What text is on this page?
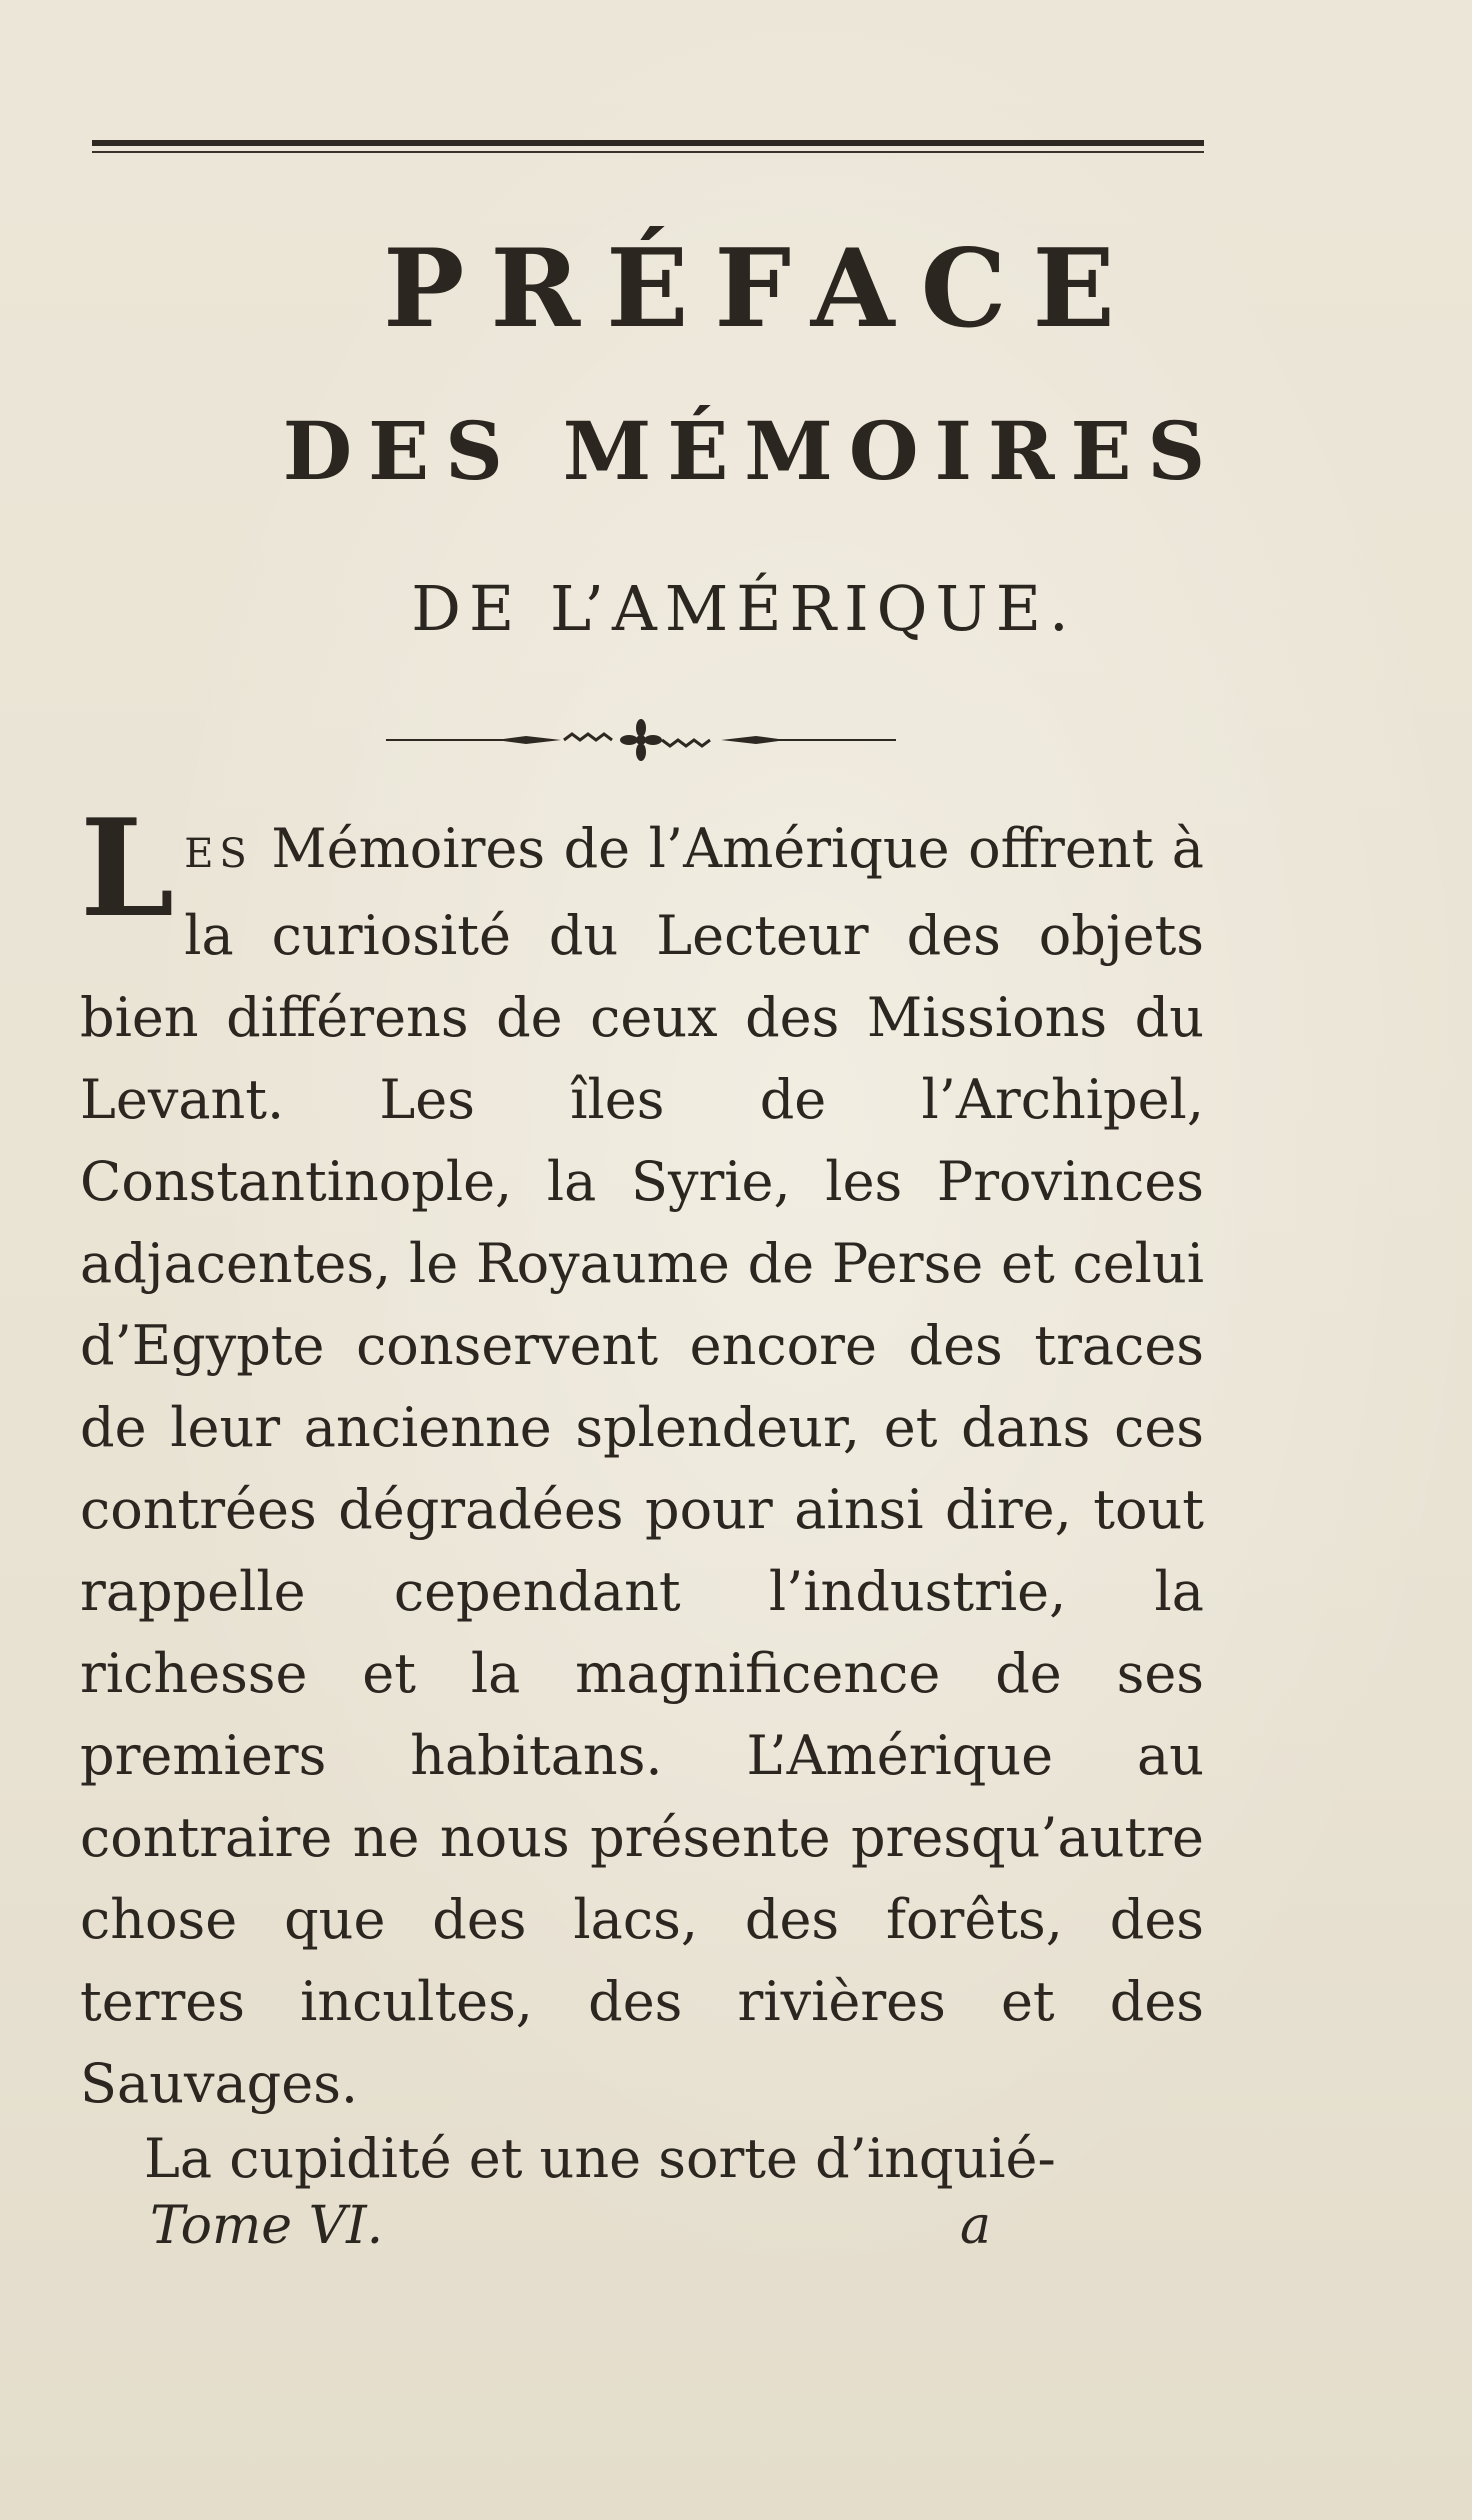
PRÉFACE
DES MÉMOIRES
DE L’AMÉRIQUE.

LES Mémoires de l’Amérique offrent à la curiosité du Lecteur des objets bien différens de ceux des Missions du Levant. Les îles de l’Archipel, Constantinople, la Syrie, les Provinces adjacentes, le Royaume de Perse et celui d’Egypte conservent encore des traces de leur ancienne splendeur, et dans ces contrées dégradées pour ainsi dire, tout rappelle cependant l’industrie, la richesse et la magnificence de ses premiers habitans. L’Amérique au contraire ne nous présente presqu’autre chose que des lacs, des forêts, des terres incultes, des rivières et des Sauvages.

La cupidité et une sorte d’inquié-

Tome VI.	a
